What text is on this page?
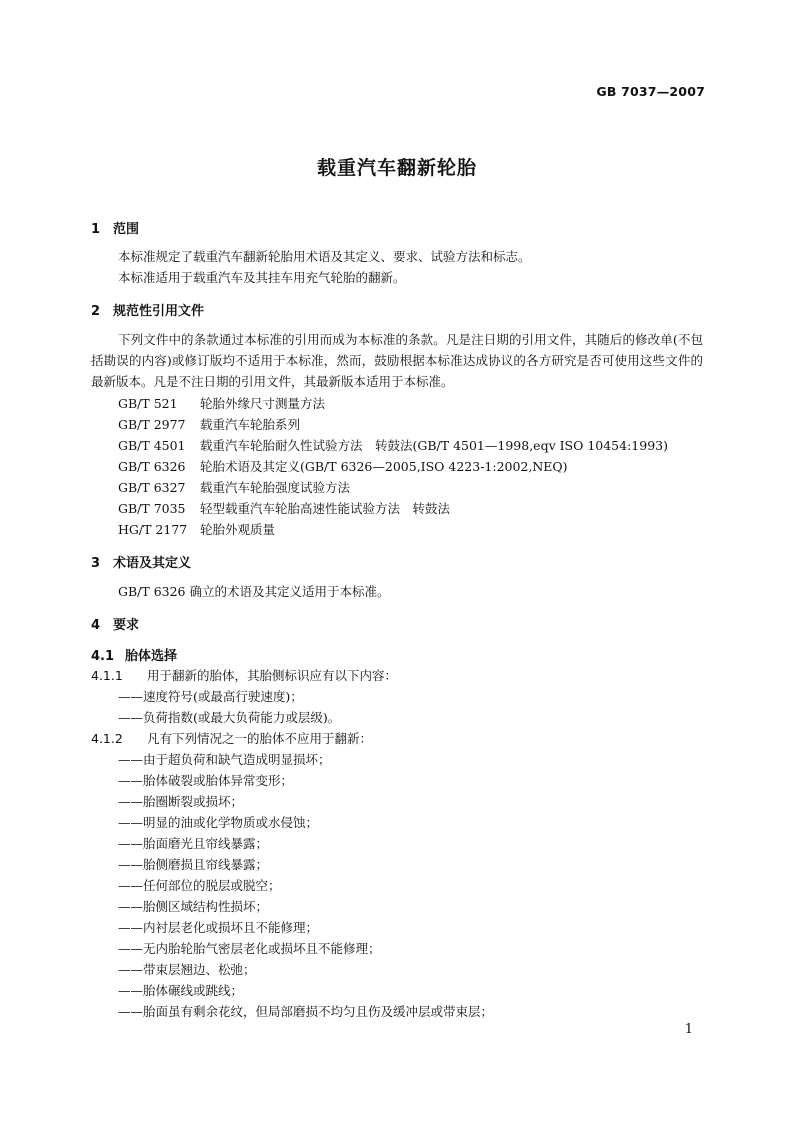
GB 7037—2007
载重汽车翻新轮胎
1 范围
本标准规定了载重汽车翻新轮胎用术语及其定义、要求、试验方法和标志。
本标准适用于载重汽车及其挂车用充气轮胎的翻新。
2 规范性引用文件
下列文件中的条款通过本标准的引用而成为本标准的条款。凡是注日期的引用文件，其随后的修改单(不包括勘误的内容)或修订版均不适用于本标准，然而，鼓励根据本标准达成协议的各方研究是否可使用这些文件的最新版本。凡是不注日期的引用文件，其最新版本适用于本标准。
GB/T 521 轮胎外缘尺寸测量方法
GB/T 2977 载重汽车轮胎系列
GB/T 4501 载重汽车轮胎耐久性试验方法　转鼓法(GB/T 4501—1998,eqv ISO 10454:1993)
GB/T 6326 轮胎术语及其定义(GB/T 6326—2005,ISO 4223-1:2002,NEQ)
GB/T 6327 载重汽车轮胎强度试验方法
GB/T 7035 轻型载重汽车轮胎高速性能试验方法　转鼓法
HG/T 2177 轮胎外观质量
3 术语及其定义
GB/T 6326 确立的术语及其定义适用于本标准。
4 要求
4.1 胎体选择
4.1.1 用于翻新的胎体，其胎侧标识应有以下内容：
——速度符号(或最高行驶速度)；
——负荷指数(或最大负荷能力或层级)。
4.1.2 凡有下列情况之一的胎体不应用于翻新：
——由于超负荷和缺气造成明显损坏；
——胎体破裂或胎体异常变形；
——胎圈断裂或损坏；
——明显的油或化学物质或水侵蚀；
——胎面磨光且帘线暴露；
——胎侧磨损且帘线暴露；
——任何部位的脱层或脱空；
——胎侧区域结构性损坏；
——内衬层老化或损坏且不能修理；
——无内胎轮胎气密层老化或损坏且不能修理；
——带束层翘边、松弛；
——胎体碾线或跳线；
——胎面虽有剩余花纹，但局部磨损不均匀且伤及缓冲层或带束层；
1
